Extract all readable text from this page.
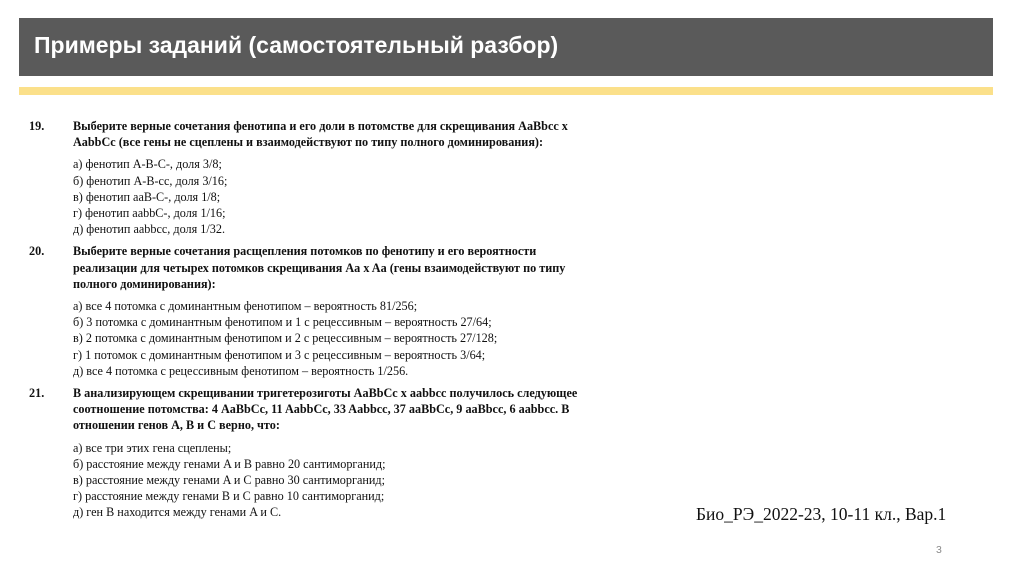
Примеры заданий (самостоятельный разбор)
19. Выберите верные сочетания фенотипа и его доли в потомстве для скрещивания AaBbcc x AabbCc (все гены не сцеплены и взаимодействуют по типу полного доминирования):
а) фенотип A-B-C-, доля 3/8;
б) фенотип A-B-cc, доля 3/16;
в) фенотип aaB-C-, доля 1/8;
г) фенотип aabbC-, доля 1/16;
д) фенотип aabbcc, доля 1/32.
20. Выберите верные сочетания расщепления потомков по фенотипу и его вероятности реализации для четырех потомков скрещивания Aa x Aa (гены взаимодействуют по типу полного доминирования):
а) все 4 потомка с доминантным фенотипом – вероятность 81/256;
б) 3 потомка с доминантным фенотипом и 1 с рецессивным – вероятность 27/64;
в) 2 потомка с доминантным фенотипом и 2 с рецессивным – вероятность 27/128;
г) 1 потомок с доминантным фенотипом и 3 с рецессивным – вероятность 3/64;
д) все 4 потомка с рецессивным фенотипом – вероятность 1/256.
21. В анализирующем скрещивании тригетерозиготы AaBbCc x aabbcc получилось следующее соотношение потомства: 4 AaBbCc, 11 AabbCc, 33 Aabbcc, 37 aaBbCc, 9 aaBbcc, 6 aabbcc. В отношении генов A, B и C верно, что:
а) все три этих гена сцеплены;
б) расстояние между генами A и B равно 20 сантиморганид;
в) расстояние между генами A и C равно 30 сантиморганид;
г) расстояние между генами B и C равно 10 сантиморганид;
д) ген B находится между генами A и C.	Био_РЭ_2022-23, 10-11 кл., Вар.1
3
